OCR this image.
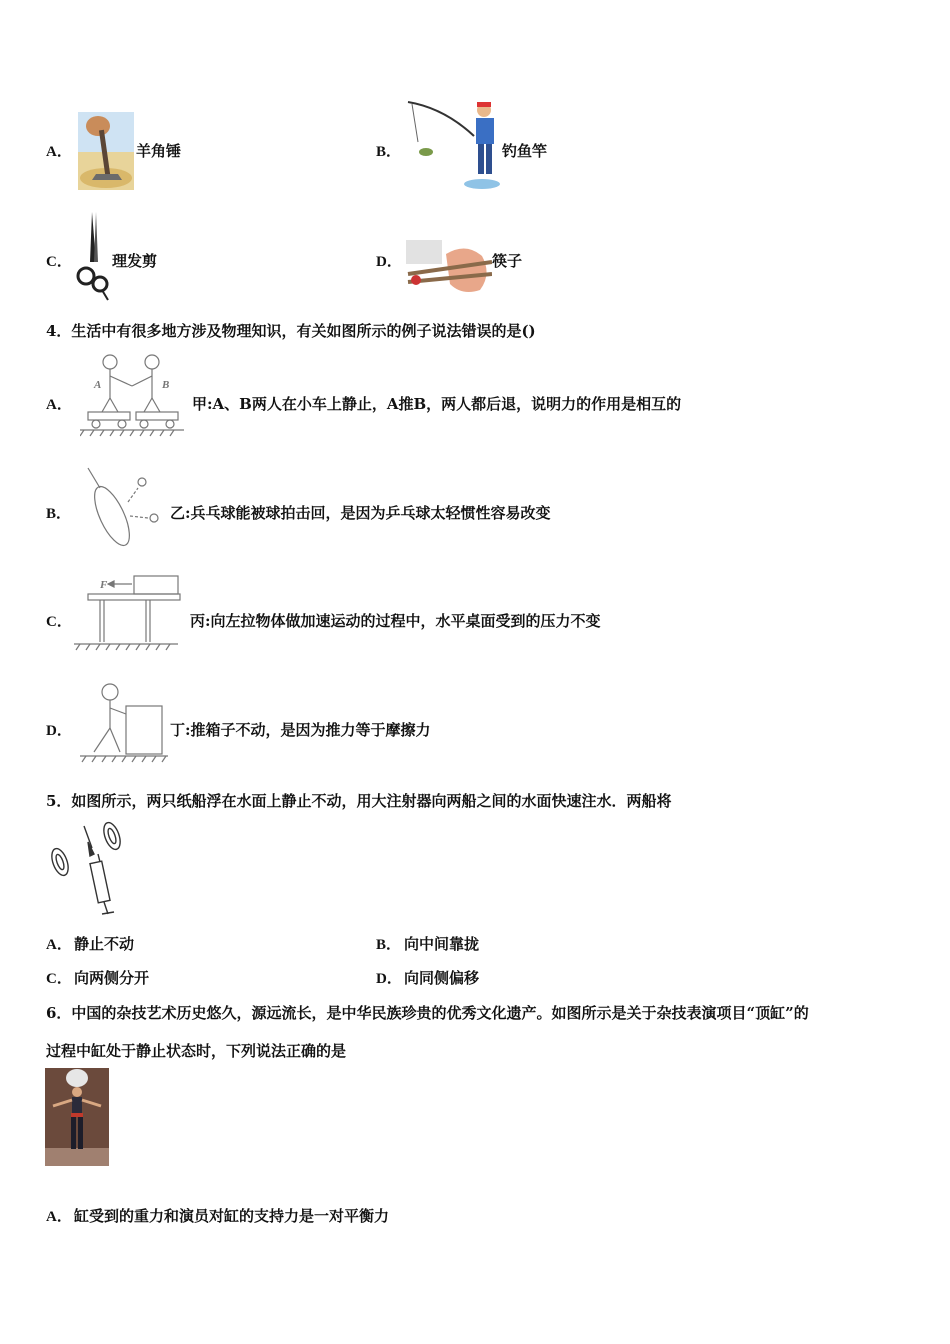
A．	羊角锤	B．	钓鱼竿
C．	理发剪	D．	筷子
4．生活中有很多地方涉及物理知识，有关如图所示的例子说法错误的是()
A．
A	B
甲:A、B两人在小车上静止，A推B，两人都后退，说明力的作用是相互的
B．	乙:兵乓球能被球拍击回，是因为乒乓球太轻惯性容易改变
C．
F
丙:向左拉物体做加速运动的过程中，水平桌面受到的压力不变
D．	丁:推箱子不动，是因为推力等于摩擦力
5．如图所示，两只纸船浮在水面上静止不动，用大注射器向两船之间的水面快速注水．两船将
A． 静止不动	B． 向中间靠拢
C． 向两侧分开	D． 向同侧偏移
6．中国的杂技艺术历史悠久，源远流长，是中华民族珍贵的优秀文化遗产。如图所示是关于杂技表演项目“顶缸”的
过程中缸处于静止状态时，下列说法正确的是
A． 缸受到的重力和演员对缸的支持力是一对平衡力
